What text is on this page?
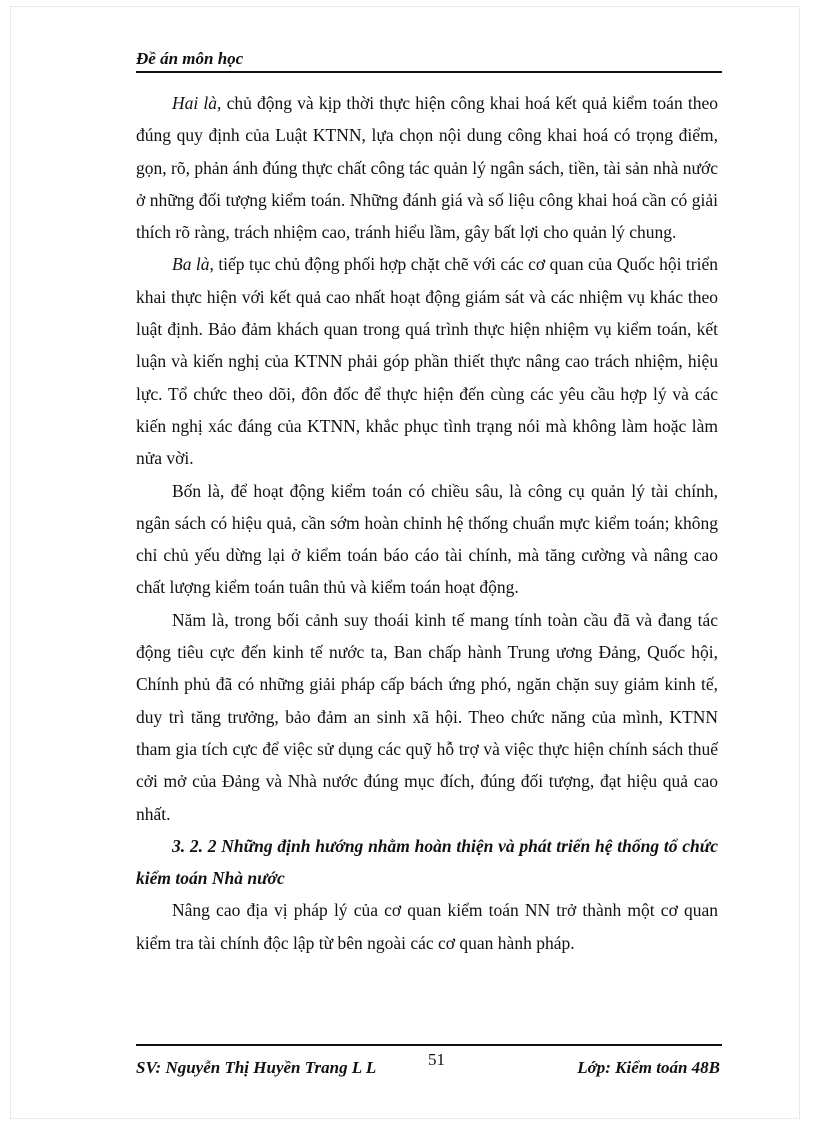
Đề án môn học

Hai là, chủ động và kịp thời thực hiện công khai hoá kết quả kiểm toán theo đúng quy định của Luật KTNN, lựa chọn nội dung công khai hoá có trọng điểm, gọn, rõ, phản ánh đúng thực chất công tác quản lý ngân sách, tiền, tài sản nhà nước ở những đối tượng kiểm toán. Những đánh giá và số liệu công khai hoá cần có giải thích rõ ràng, trách nhiệm cao, tránh hiểu lầm, gây bất lợi cho quản lý chung.

Ba là, tiếp tục chủ động phối hợp chặt chẽ với các cơ quan của Quốc hội triển khai thực hiện với kết quả cao nhất hoạt động giám sát và các nhiệm vụ khác theo luật định. Bảo đảm khách quan trong quá trình thực hiện nhiệm vụ kiểm toán, kết luận và kiến nghị của KTNN phải góp phần thiết thực nâng cao trách nhiệm, hiệu lực. Tổ chức theo dõi, đôn đốc để thực hiện đến cùng các yêu cầu hợp lý và các kiến nghị xác đáng của KTNN, khắc phục tình trạng nói mà không làm hoặc làm nửa vời.

Bốn là, để hoạt động kiểm toán có chiều sâu, là công cụ quản lý tài chính, ngân sách có hiệu quả, cần sớm hoàn chỉnh hệ thống chuẩn mực kiểm toán; không chỉ chủ yếu dừng lại ở kiểm toán báo cáo tài chính, mà tăng cường và nâng cao chất lượng kiểm toán tuân thủ và kiểm toán hoạt động.

Năm là, trong bối cảnh suy thoái kinh tế mang tính toàn cầu đã và đang tác động tiêu cực đến kinh tế nước ta, Ban chấp hành Trung ương Đảng, Quốc hội, Chính phủ đã có những giải pháp cấp bách ứng phó, ngăn chặn suy giảm kinh tế, duy trì tăng trưởng, bảo đảm an sinh xã hội. Theo chức năng của mình, KTNN tham gia tích cực để việc sử dụng các quỹ hỗ trợ và việc thực hiện chính sách thuế cởi mở của Đảng và Nhà nước đúng mục đích, đúng đối tượng, đạt hiệu quả cao nhất.

3. 2. 2 Những định hướng nhằm hoàn thiện và phát triển hệ thống tổ chức kiểm toán Nhà nước

Nâng cao địa vị pháp lý của cơ quan kiểm toán NN trở thành một cơ quan kiểm tra tài chính độc lập từ bên ngoài các cơ quan hành pháp.

SV: Nguyễn Thị Huyền Trang L L	51	Lớp: Kiểm toán 48B
